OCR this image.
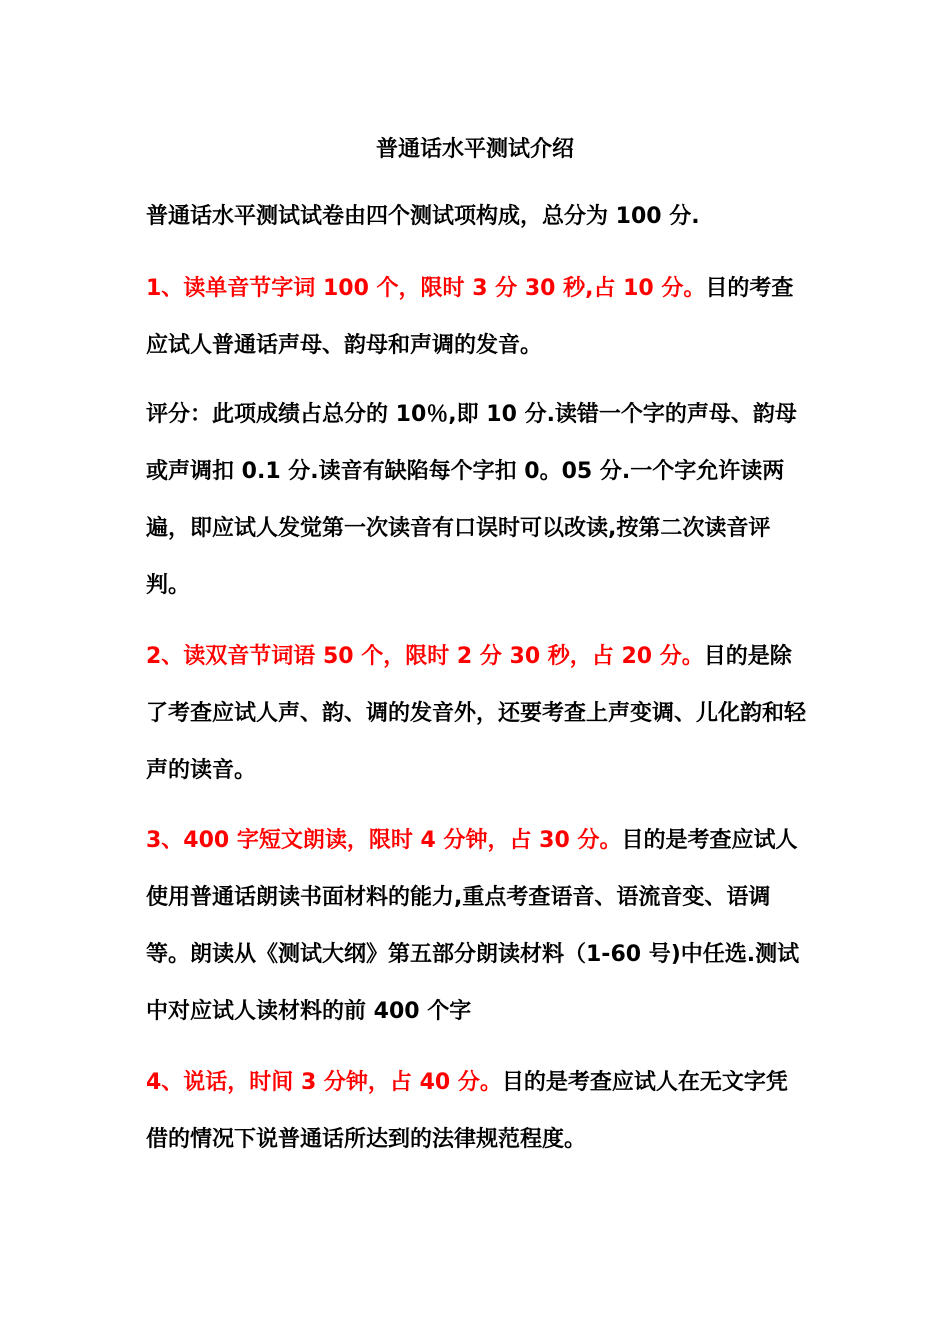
普通话水平测试介绍

普通话水平测试试卷由四个测试项构成，总分为 100 分.

1、读单音节字词 100 个，限时 3 分 30 秒,占 10 分。目的考查应试人普通话声母、韵母和声调的发音。

评分：此项成绩占总分的 10％,即 10 分.读错一个字的声母、韵母或声调扣 0.1 分.读音有缺陷每个字扣 0。05 分.一个字允许读两遍，即应试人发觉第一次读音有口误时可以改读,按第二次读音评判。

2、读双音节词语 50 个，限时 2 分 30 秒，占 20 分。目的是除了考查应试人声、韵、调的发音外，还要考查上声变调、儿化韵和轻声的读音。

3、400 字短文朗读，限时 4 分钟，占 30 分。目的是考查应试人使用普通话朗读书面材料的能力,重点考查语音、语流音变、语调等。朗读从《测试大纲》第五部分朗读材料（1-60 号)中任选.测试中对应试人读材料的前 400 个字

4、说话，时间 3 分钟，占 40 分。目的是考查应试人在无文字凭借的情况下说普通话所达到的法律规范程度。
